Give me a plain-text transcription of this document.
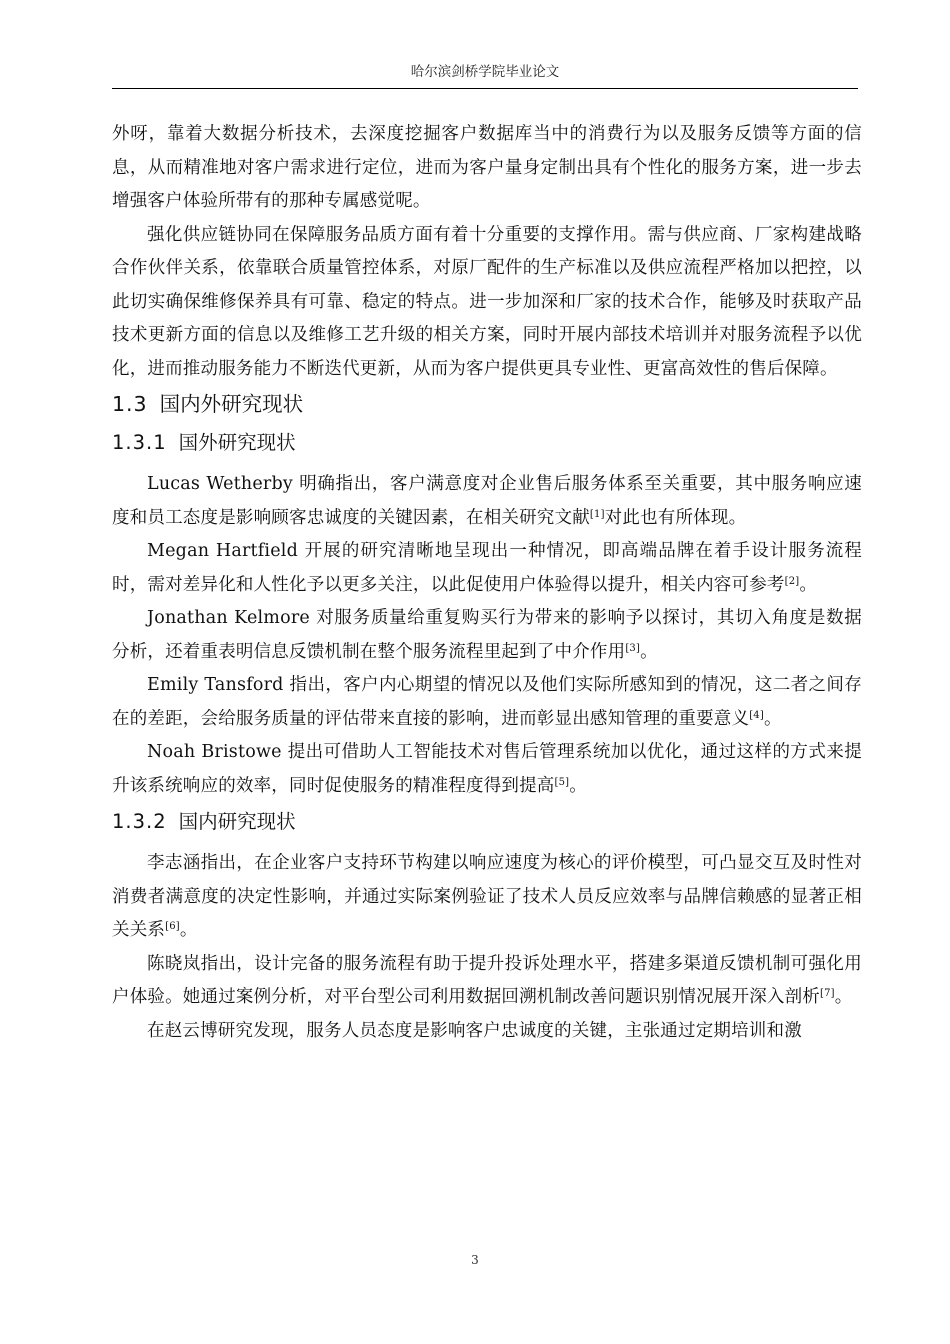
哈尔滨剑桥学院毕业论文

外呀，靠着大数据分析技术，去深度挖掘客户数据库当中的消费行为以及服务反馈等方面的信息，从而精准地对客户需求进行定位，进而为客户量身定制出具有个性化的服务方案，进一步去增强客户体验所带有的那种专属感觉呢。

强化供应链协同在保障服务品质方面有着十分重要的支撑作用。需与供应商、厂家构建战略合作伙伴关系，依靠联合质量管控体系，对原厂配件的生产标准以及供应流程严格加以把控，以此切实确保维修保养具有可靠、稳定的特点。进一步加深和厂家的技术合作，能够及时获取产品技术更新方面的信息以及维修工艺升级的相关方案，同时开展内部技术培训并对服务流程予以优化，进而推动服务能力不断迭代更新，从而为客户提供更具专业性、更富高效性的售后保障。

1.3 国内外研究现状
1.3.1 国外研究现状

Lucas Wetherby 明确指出，客户满意度对企业售后服务体系至关重要，其中服务响应速度和员工态度是影响顾客忠诚度的关键因素，在相关研究文献[1]对此也有所体现。

Megan Hartfield 开展的研究清晰地呈现出一种情况，即高端品牌在着手设计服务流程时，需对差异化和人性化予以更多关注，以此促使用户体验得以提升，相关内容可参考[2]。

Jonathan Kelmore 对服务质量给重复购买行为带来的影响予以探讨，其切入角度是数据分析，还着重表明信息反馈机制在整个服务流程里起到了中介作用[3]。

Emily Tansford 指出，客户内心期望的情况以及他们实际所感知到的情况，这二者之间存在的差距，会给服务质量的评估带来直接的影响，进而彰显出感知管理的重要意义[4]。

Noah Bristowe 提出可借助人工智能技术对售后管理系统加以优化，通过这样的方式来提升该系统响应的效率，同时促使服务的精准程度得到提高[5]。

1.3.2 国内研究现状

李志涵指出，在企业客户支持环节构建以响应速度为核心的评价模型，可凸显交互及时性对消费者满意度的决定性影响，并通过实际案例验证了技术人员反应效率与品牌信赖感的显著正相关关系[6]。

陈晓岚指出，设计完备的服务流程有助于提升投诉处理水平，搭建多渠道反馈机制可强化用户体验。她通过案例分析，对平台型公司利用数据回溯机制改善问题识别情况展开深入剖析[7]。

在赵云博研究发现，服务人员态度是影响客户忠诚度的关键，主张通过定期培训和激

3
